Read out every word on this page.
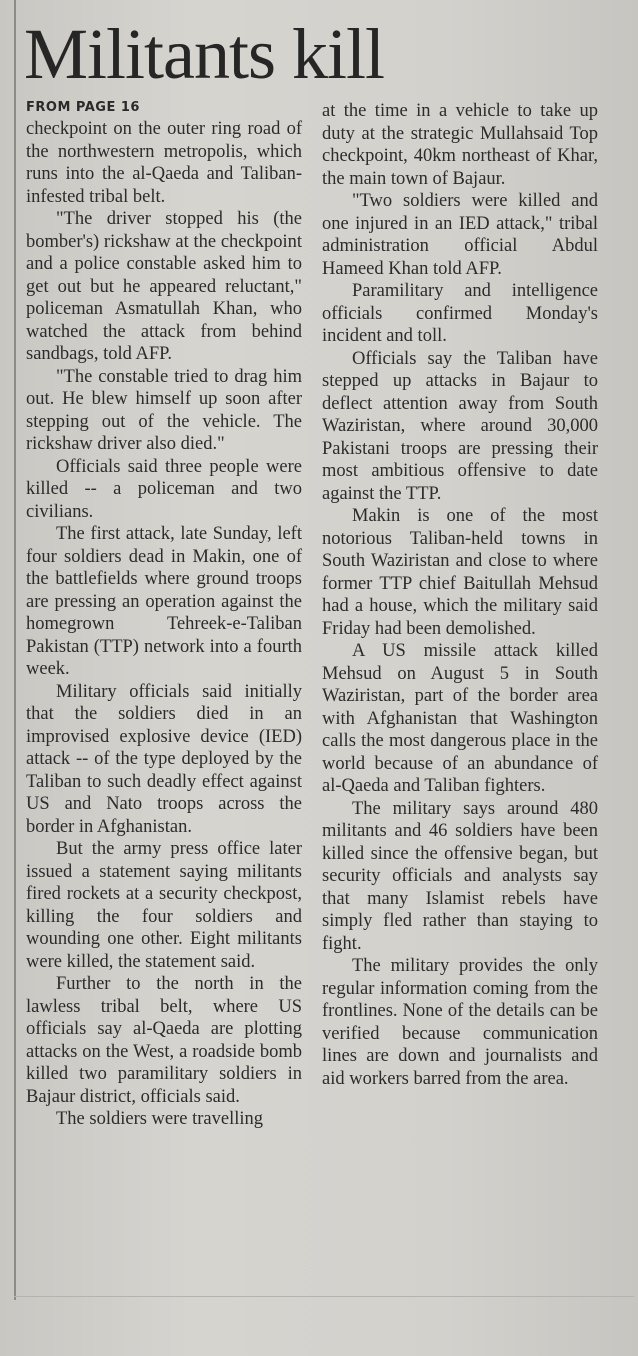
Militants kill
FROM PAGE 16

checkpoint on the outer ring road of the northwestern metropolis, which runs into the al-Qaeda and Taliban-infested tribal belt.

"The driver stopped his (the bomber's) rickshaw at the checkpoint and a police constable asked him to get out but he appeared reluctant," policeman Asmatullah Khan, who watched the attack from behind sandbags, told AFP.

"The constable tried to drag him out. He blew himself up soon after stepping out of the vehicle. The rickshaw driver also died."

Officials said three people were killed -- a policeman and two civilians.

The first attack, late Sunday, left four soldiers dead in Makin, one of the battlefields where ground troops are pressing an operation against the homegrown Tehreek-e-Taliban Pakistan (TTP) network into a fourth week.

Military officials said initially that the soldiers died in an improvised explosive device (IED) attack -- of the type deployed by the Taliban to such deadly effect against US and Nato troops across the border in Afghanistan.

But the army press office later issued a statement saying militants fired rockets at a security checkpost, killing the four soldiers and wounding one other. Eight militants were killed, the statement said.

Further to the north in the lawless tribal belt, where US officials say al-Qaeda are plotting attacks on the West, a roadside bomb killed two paramilitary soldiers in Bajaur district, officials said.

The soldiers were travelling

at the time in a vehicle to take up duty at the strategic Mullahsaid Top checkpoint, 40km northeast of Khar, the main town of Bajaur.

"Two soldiers were killed and one injured in an IED attack," tribal administration official Abdul Hameed Khan told AFP.

Paramilitary and intelligence officials confirmed Monday's incident and toll.

Officials say the Taliban have stepped up attacks in Bajaur to deflect attention away from South Waziristan, where around 30,000 Pakistani troops are pressing their most ambitious offensive to date against the TTP.

Makin is one of the most notorious Taliban-held towns in South Waziristan and close to where former TTP chief Baitullah Mehsud had a house, which the military said Friday had been demolished.

A US missile attack killed Mehsud on August 5 in South Waziristan, part of the border area with Afghanistan that Washington calls the most dangerous place in the world because of an abundance of al-Qaeda and Taliban fighters.

The military says around 480 militants and 46 soldiers have been killed since the offensive began, but security officials and analysts say that many Islamist rebels have simply fled rather than staying to fight.

The military provides the only regular information coming from the frontlines. None of the details can be verified because communication lines are down and journalists and aid workers barred from the area.
